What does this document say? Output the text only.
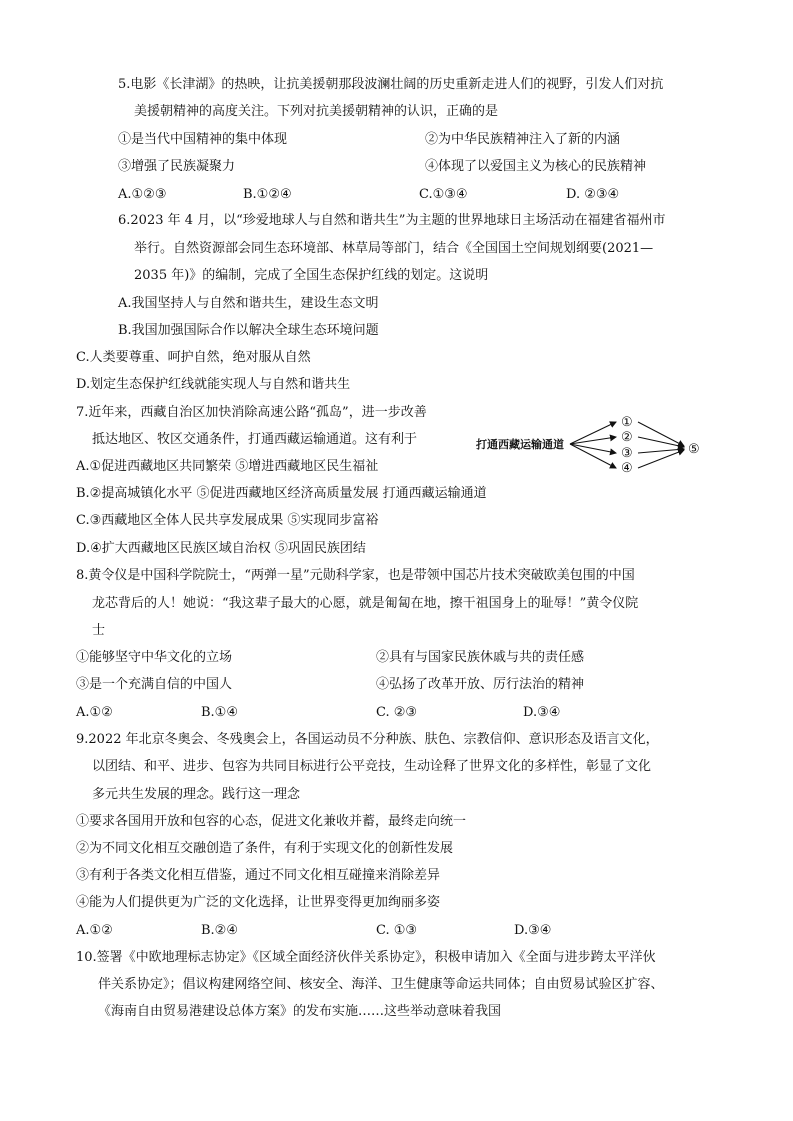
5.电影《长津湖》的热映，让抗美援朝那段波澜壮阔的历史重新走进人们的视野，引发人们对抗
美援朝精神的高度关注。下列对抗美援朝精神的认识，正确的是
①是当代中国精神的集中体现	②为中华民族精神注入了新的内涵
③增强了民族凝聚力	④体现了以爱国主义为核心的民族精神
A.①②③	B.①②④	C.①③④	D. ②③④
6.2023 年 4 月，以“珍爱地球人与自然和谐共生”为主题的世界地球日主场活动在福建省福州市
举行。自然资源部会同生态环境部、林草局等部门，结合《全国国土空间规划纲要(2021—
2035 年)》的编制，完成了全国生态保护红线的划定。这说明
A.我国坚持人与自然和谐共生，建设生态文明
B.我国加强国际合作以解决全球生态环境问题
C.人类要尊重、呵护自然，绝对服从自然
D.划定生态保护红线就能实现人与自然和谐共生
7.近年来，西藏自治区加快消除高速公路“孤岛”，进一步改善
抵达地区、牧区交通条件，打通西藏运输通道。这有利于	打通西藏运输通道
①
②
③
④
⑤
A.①促进西藏地区共同繁荣 ⑤增进西藏地区民生福祉
B.②提高城镇化水平 ⑤促进西藏地区经济高质量发展 打通西藏运输通道
C.③西藏地区全体人民共享发展成果 ⑤实现同步富裕
D.④扩大西藏地区民族区域自治权 ⑤巩固民族团结
8.黄令仪是中国科学院院士，“两弹一星”元勋科学家，也是带领中国芯片技术突破欧美包围的中国
龙芯背后的人！她说：“我这辈子最大的心愿，就是匍匐在地，擦干祖国身上的耻辱！”黄令仪院
士
①能够坚守中华文化的立场	②具有与国家民族休戚与共的责任感
③是一个充满自信的中国人	④弘扬了改革开放、厉行法治的精神
A.①②	B.①④	C. ②③	D.③④
9.2022 年北京冬奥会、冬残奥会上，各国运动员不分种族、肤色、宗教信仰、意识形态及语言文化，
以团结、和平、进步、包容为共同目标进行公平竞技，生动诠释了世界文化的多样性，彰显了文化
多元共生发展的理念。践行这一理念
①要求各国用开放和包容的心态，促进文化兼收并蓄，最终走向统一
②为不同文化相互交融创造了条件，有利于实现文化的创新性发展
③有利于各类文化相互借鉴，通过不同文化相互碰撞来消除差异
④能为人们提供更为广泛的文化选择，让世界变得更加绚丽多姿
A.①②	B.②④	C. ①③	D.③④
10.签署《中欧地理标志协定》《区域全面经济伙伴关系协定》，积极申请加入《全面与进步跨太平洋伙
伴关系协定》；倡议构建网络空间、核安全、海洋、卫生健康等命运共同体；自由贸易试验区扩容、
《海南自由贸易港建设总体方案》的发布实施……这些举动意味着我国
